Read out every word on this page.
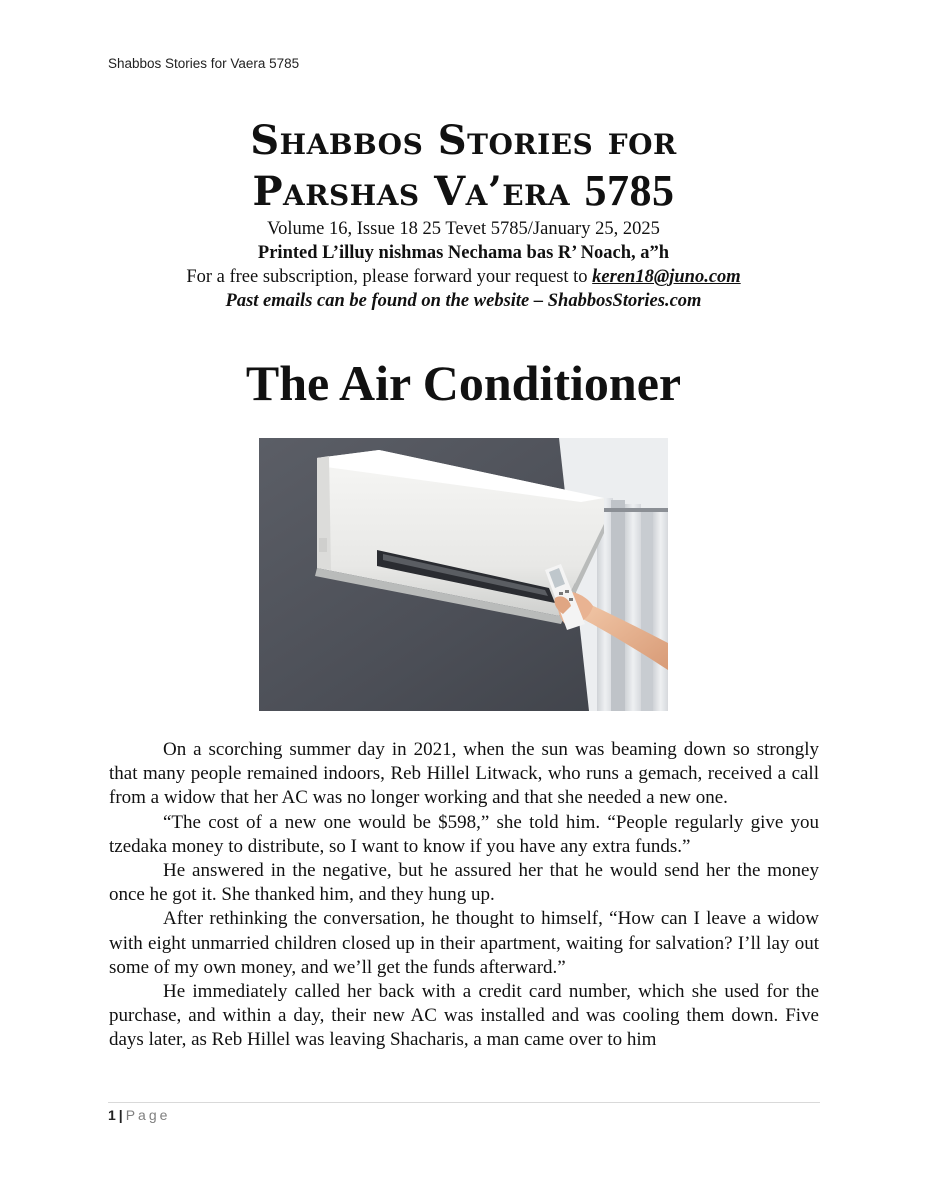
Shabbos Stories for Vaera 5785
Shabbos Stories for
Parshas Va’era 5785
Volume 16, Issue 18 25 Tevet 5785/January 25, 2025
Printed L’illuy nishmas Nechama bas R’ Noach, a”h
For a free subscription, please forward your request to keren18@juno.com
Past emails can be found on the website – ShabbosStories.com
The Air Conditioner

On a scorching summer day in 2021, when the sun was beaming down so strongly that many people remained indoors, Reb Hillel Litwack, who runs a gemach, received a call from a widow that her AC was no longer working and that she needed a new one.

“The cost of a new one would be $598,” she told him. “People regularly give you tzedaka money to distribute, so I want to know if you have any extra funds.”

He answered in the negative, but he assured her that he would send her the money once he got it. She thanked him, and they hung up.

After rethinking the conversation, he thought to himself, “How can I leave a widow with eight unmarried children closed up in their apartment, waiting for salvation? I’ll lay out some of my own money, and we’ll get the funds afterward.”

He immediately called her back with a credit card number, which she used for the purchase, and within a day, their new AC was installed and was cooling them down. Five days later, as Reb Hillel was leaving Shacharis, a man came over to him

1 | Page
